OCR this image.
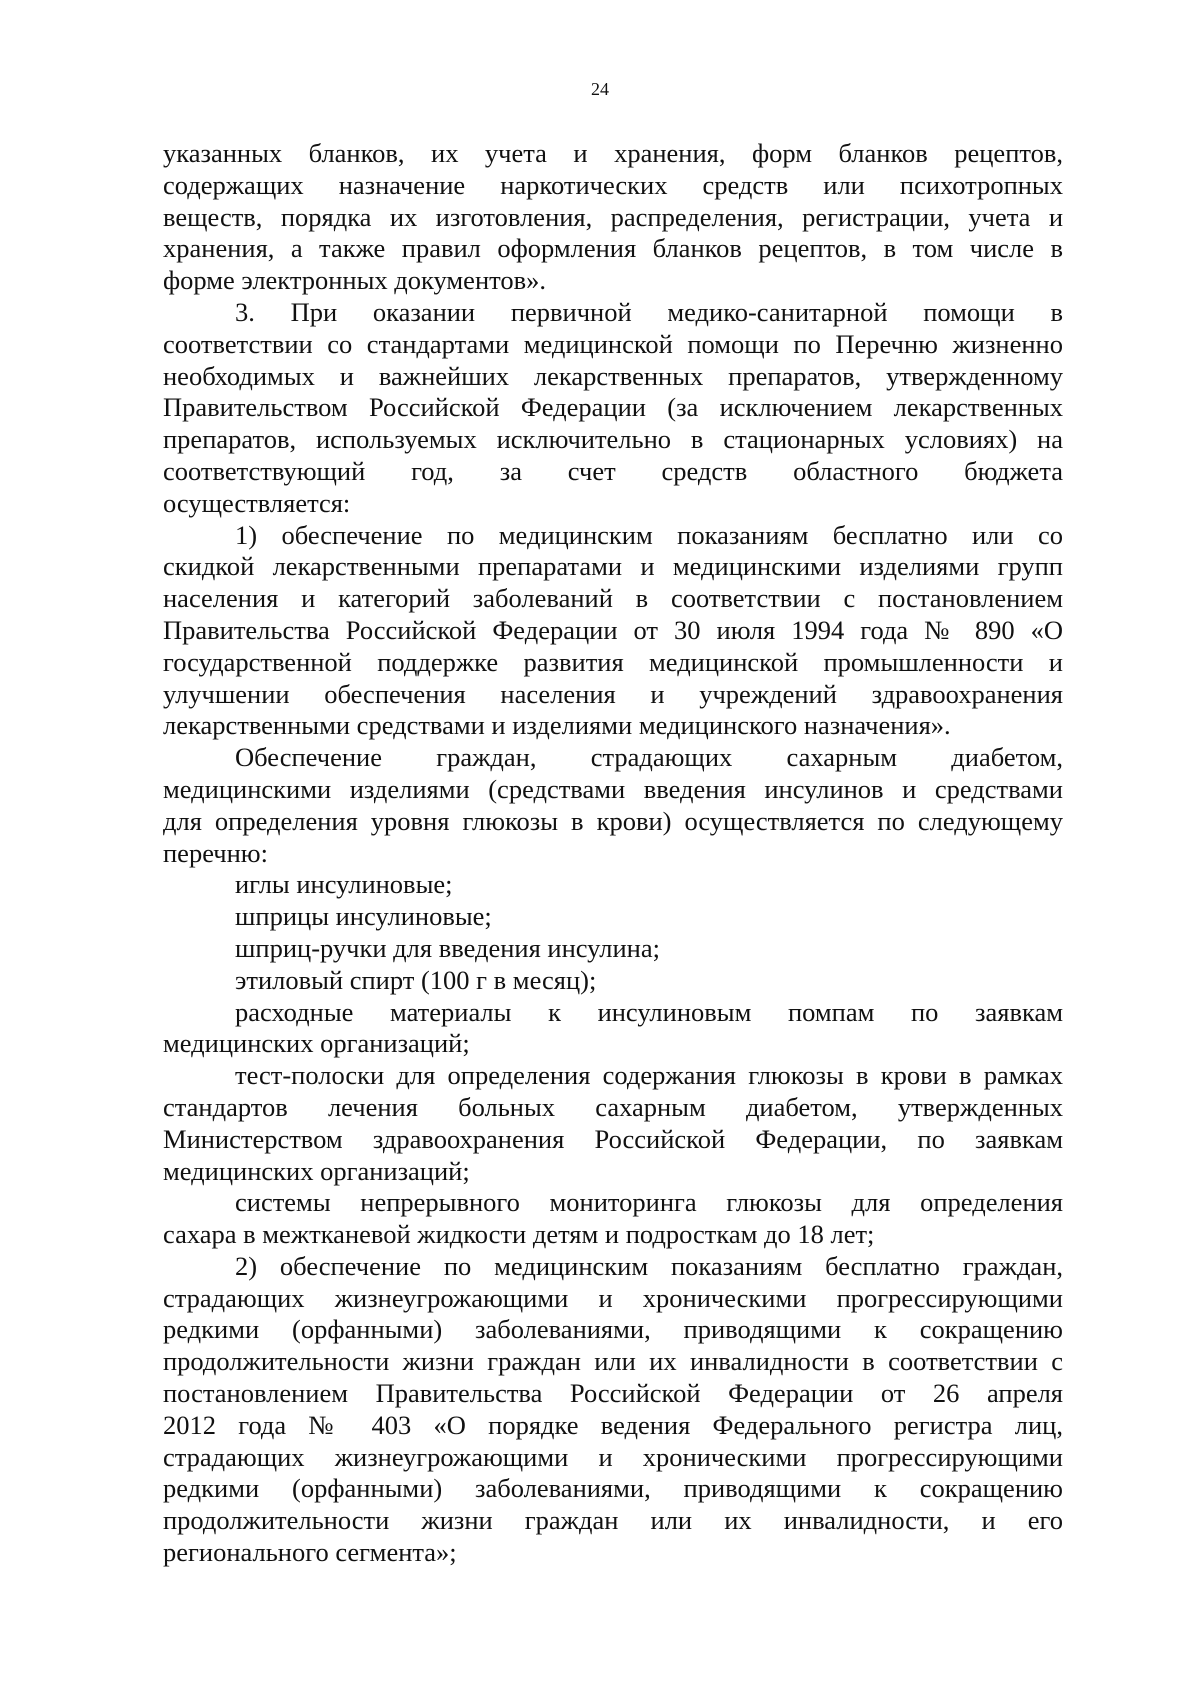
24
указанных бланков, их учета и хранения, форм бланков рецептов,
содержащих назначение наркотических средств или психотропных
веществ, порядка их изготовления, распределения, регистрации, учета и
хранения, а также правил оформления бланков рецептов, в том числе в
форме электронных документов».
3. При оказании первичной медико-санитарной помощи в
соответствии со стандартами медицинской помощи по Перечню жизненно
необходимых и важнейших лекарственных препаратов, утвержденному
Правительством Российской Федерации (за исключением лекарственных
препаратов, используемых исключительно в стационарных условиях) на
соответствующий год, за счет средств областного бюджета
осуществляется:
1) обеспечение по медицинским показаниям бесплатно или со
скидкой лекарственными препаратами и медицинскими изделиями групп
населения и категорий заболеваний в соответствии с постановлением
Правительства Российской Федерации от 30 июля 1994 года № 890 «О
государственной поддержке развития медицинской промышленности и
улучшении обеспечения населения и учреждений здравоохранения
лекарственными средствами и изделиями медицинского назначения».
Обеспечение граждан, страдающих сахарным диабетом,
медицинскими изделиями (средствами введения инсулинов и средствами
для определения уровня глюкозы в крови) осуществляется по следующему
перечню:
иглы инсулиновые;
шприцы инсулиновые;
шприц-ручки для введения инсулина;
этиловый спирт (100 г в месяц);
расходные материалы к инсулиновым помпам по заявкам
медицинских организаций;
тест-полоски для определения содержания глюкозы в крови в рамках
стандартов лечения больных сахарным диабетом, утвержденных
Министерством здравоохранения Российской Федерации, по заявкам
медицинских организаций;
системы непрерывного мониторинга глюкозы для определения
сахара в межтканевой жидкости детям и подросткам до 18 лет;
2) обеспечение по медицинским показаниям бесплатно граждан,
страдающих жизнеугрожающими и хроническими прогрессирующими
редкими (орфанными) заболеваниями, приводящими к сокращению
продолжительности жизни граждан или их инвалидности в соответствии с
постановлением Правительства Российской Федерации от 26 апреля
2012 года № 403 «О порядке ведения Федерального регистра лиц,
страдающих жизнеугрожающими и хроническими прогрессирующими
редкими (орфанными) заболеваниями, приводящими к сокращению
продолжительности жизни граждан или их инвалидности, и его
регионального сегмента»;
